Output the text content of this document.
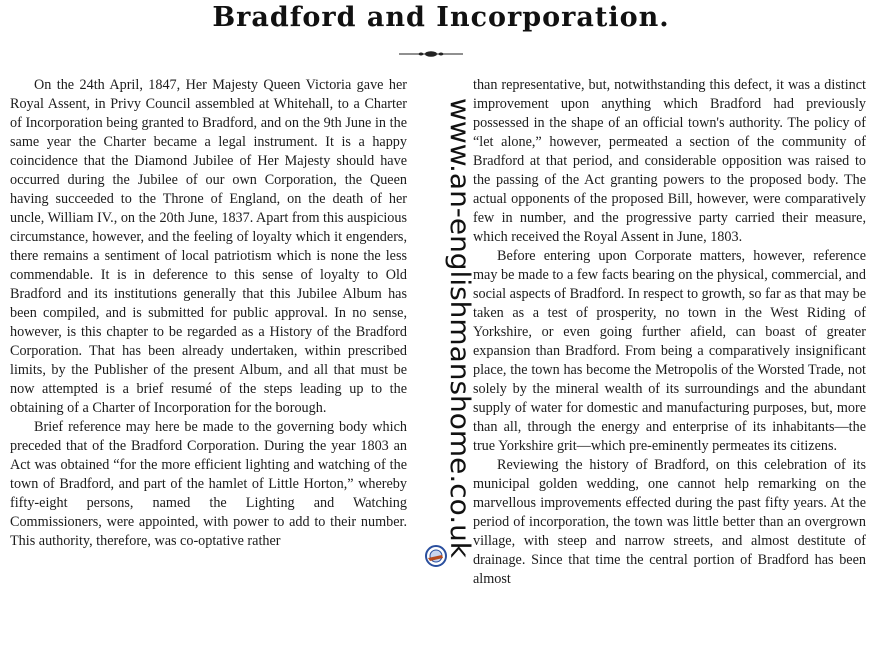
Bradford and Incorporation.

On the 24th April, 1847, Her Majesty Queen Victoria gave her Royal Assent, in Privy Council assembled at Whitehall, to a Charter of Incorporation being granted to Bradford, and on the 9th June in the same year the Charter became a legal instrument. It is a happy coincidence that the Diamond Jubilee of Her Majesty should have occurred during the Jubilee of our own Corporation, the Queen having succeeded to the Throne of England, on the death of her uncle, William IV., on the 20th June, 1837. Apart from this auspicious circumstance, however, and the feeling of loyalty which it engenders, there remains a sentiment of local patriotism which is none the less commendable. It is in deference to this sense of loyalty to Old Bradford and its institutions generally that this Jubilee Album has been compiled, and is submitted for public approval. In no sense, however, is this chapter to be regarded as a History of the Bradford Corporation. That has been already undertaken, within prescribed limits, by the Publisher of the present Album, and all that must be now attempted is a brief resumé of the steps leading up to the obtaining of a Charter of Incorporation for the borough.

Brief reference may here be made to the governing body which preceded that of the Bradford Corporation. During the year 1803 an Act was obtained “for the more efficient lighting and watching of the town of Bradford, and part of the hamlet of Little Horton,” whereby fifty-eight persons, named the Lighting and Watching Commissioners, were appointed, with power to add to their number. This authority, therefore, was co-optative rather	www.an-englishmanshome.co.uk

than representative, but, notwithstanding this defect, it was a distinct improvement upon anything which Bradford had previously possessed in the shape of an official town's authority. The policy of “let alone,” however, permeated a section of the community of Bradford at that period, and considerable opposition was raised to the passing of the Act granting powers to the proposed body. The actual opponents of the proposed Bill, however, were comparatively few in number, and the progressive party carried their measure, which received the Royal Assent in June, 1803.

Before entering upon Corporate matters, however, reference may be made to a few facts bearing on the physical, commercial, and social aspects of Bradford. In respect to growth, so far as that may be taken as a test of prosperity, no town in the West Riding of Yorkshire, or even going further afield, can boast of greater expansion than Bradford. From being a comparatively insignificant place, the town has become the Metropolis of the Worsted Trade, not solely by the mineral wealth of its surroundings and the abundant supply of water for domestic and manufacturing purposes, but, more than all, through the energy and enterprise of its inhabitants—the true Yorkshire grit—which pre-eminently permeates its citizens.

Reviewing the history of Bradford, on this celebration of its municipal golden wedding, one cannot help remarking on the marvellous improvements effected during the past fifty years. At the period of incorporation, the town was little better than an overgrown village, with steep and narrow streets, and almost destitute of drainage. Since that time the central portion of Bradford has been almost
